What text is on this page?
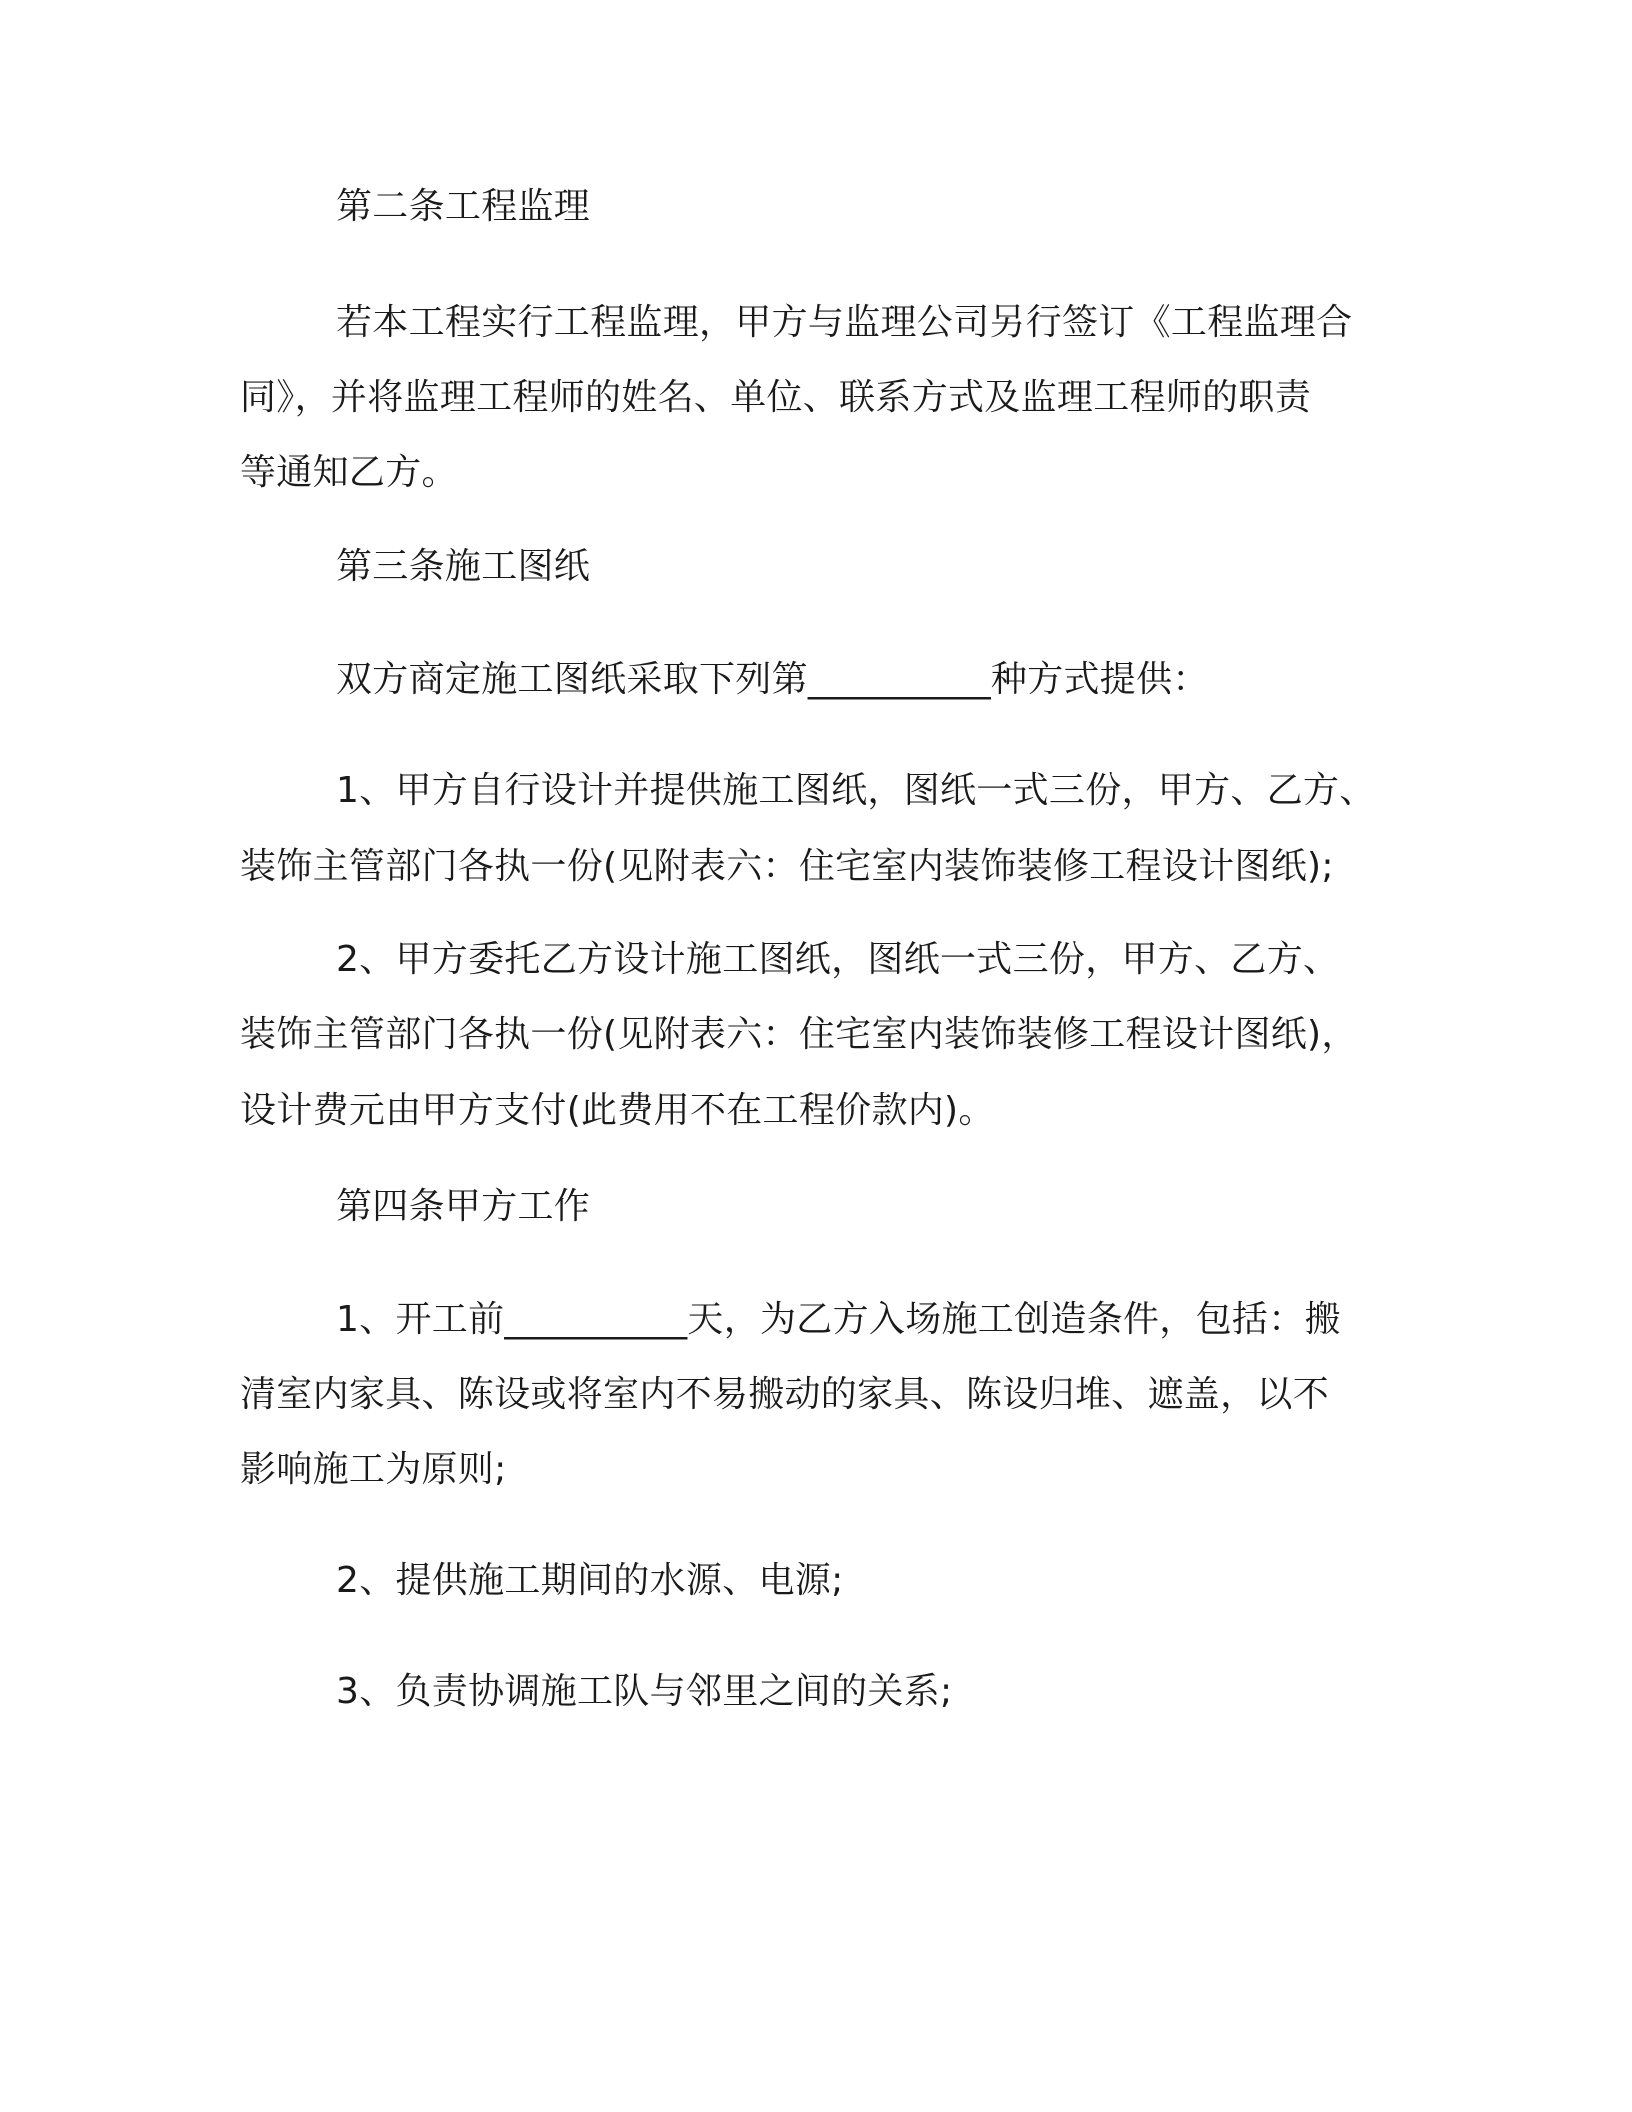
第二条工程监理
若本工程实行工程监理，甲方与监理公司另行签订《工程监理合
同》，并将监理工程师的姓名、单位、联系方式及监理工程师的职责
等通知乙方。
第三条施工图纸
双方商定施工图纸采取下列第__________种方式提供：
1、甲方自行设计并提供施工图纸，图纸一式三份，甲方、乙方、
装饰主管部门各执一份(见附表六：住宅室内装饰装修工程设计图纸);
2、甲方委托乙方设计施工图纸，图纸一式三份，甲方、乙方、
装饰主管部门各执一份(见附表六：住宅室内装饰装修工程设计图纸)，
设计费元由甲方支付(此费用不在工程价款内)。
第四条甲方工作
1、开工前__________天，为乙方入场施工创造条件，包括：搬
清室内家具、陈设或将室内不易搬动的家具、陈设归堆、遮盖，以不
影响施工为原则;
2、提供施工期间的水源、电源;
3、负责协调施工队与邻里之间的关系;
